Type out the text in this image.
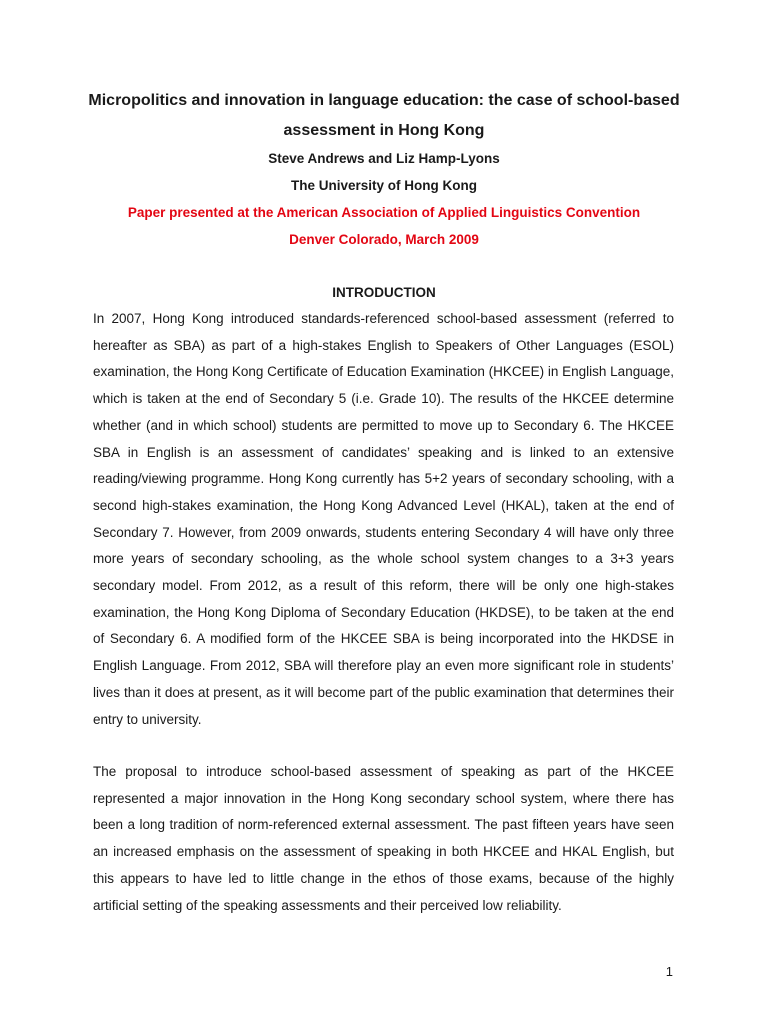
Micropolitics and innovation in language education: the case of school-based assessment in Hong Kong
Steve Andrews and Liz Hamp-Lyons
The University of Hong Kong
Paper presented at the American Association of Applied Linguistics Convention
Denver Colorado, March 2009
INTRODUCTION

In 2007, Hong Kong introduced standards-referenced school-based assessment (referred to hereafter as SBA) as part of a high-stakes English to Speakers of Other Languages (ESOL) examination, the Hong Kong Certificate of Education Examination (HKCEE) in English Language, which is taken at the end of Secondary 5 (i.e. Grade 10). The results of the HKCEE determine whether (and in which school) students are permitted to move up to Secondary 6. The HKCEE SBA in English is an assessment of candidates’ speaking and is linked to an extensive reading/viewing programme. Hong Kong currently has 5+2 years of secondary schooling, with a second high-stakes examination, the Hong Kong Advanced Level (HKAL), taken at the end of Secondary 7. However, from 2009 onwards, students entering Secondary 4 will have only three more years of secondary schooling, as the whole school system changes to a 3+3 years secondary model. From 2012, as a result of this reform, there will be only one high-stakes examination, the Hong Kong Diploma of Secondary Education (HKDSE), to be taken at the end of Secondary 6. A modified form of the HKCEE SBA is being incorporated into the HKDSE in English Language. From 2012, SBA will therefore play an even more significant role in students’ lives than it does at present, as it will become part of the public examination that determines their entry to university.

The proposal to introduce school-based assessment of speaking as part of the HKCEE represented a major innovation in the Hong Kong secondary school system, where there has been a long tradition of norm-referenced external assessment. The past fifteen years have seen an increased emphasis on the assessment of speaking in both HKCEE and HKAL English, but this appears to have led to little change in the ethos of those exams, because of the highly artificial setting of the speaking assessments and their perceived low reliability.

1
